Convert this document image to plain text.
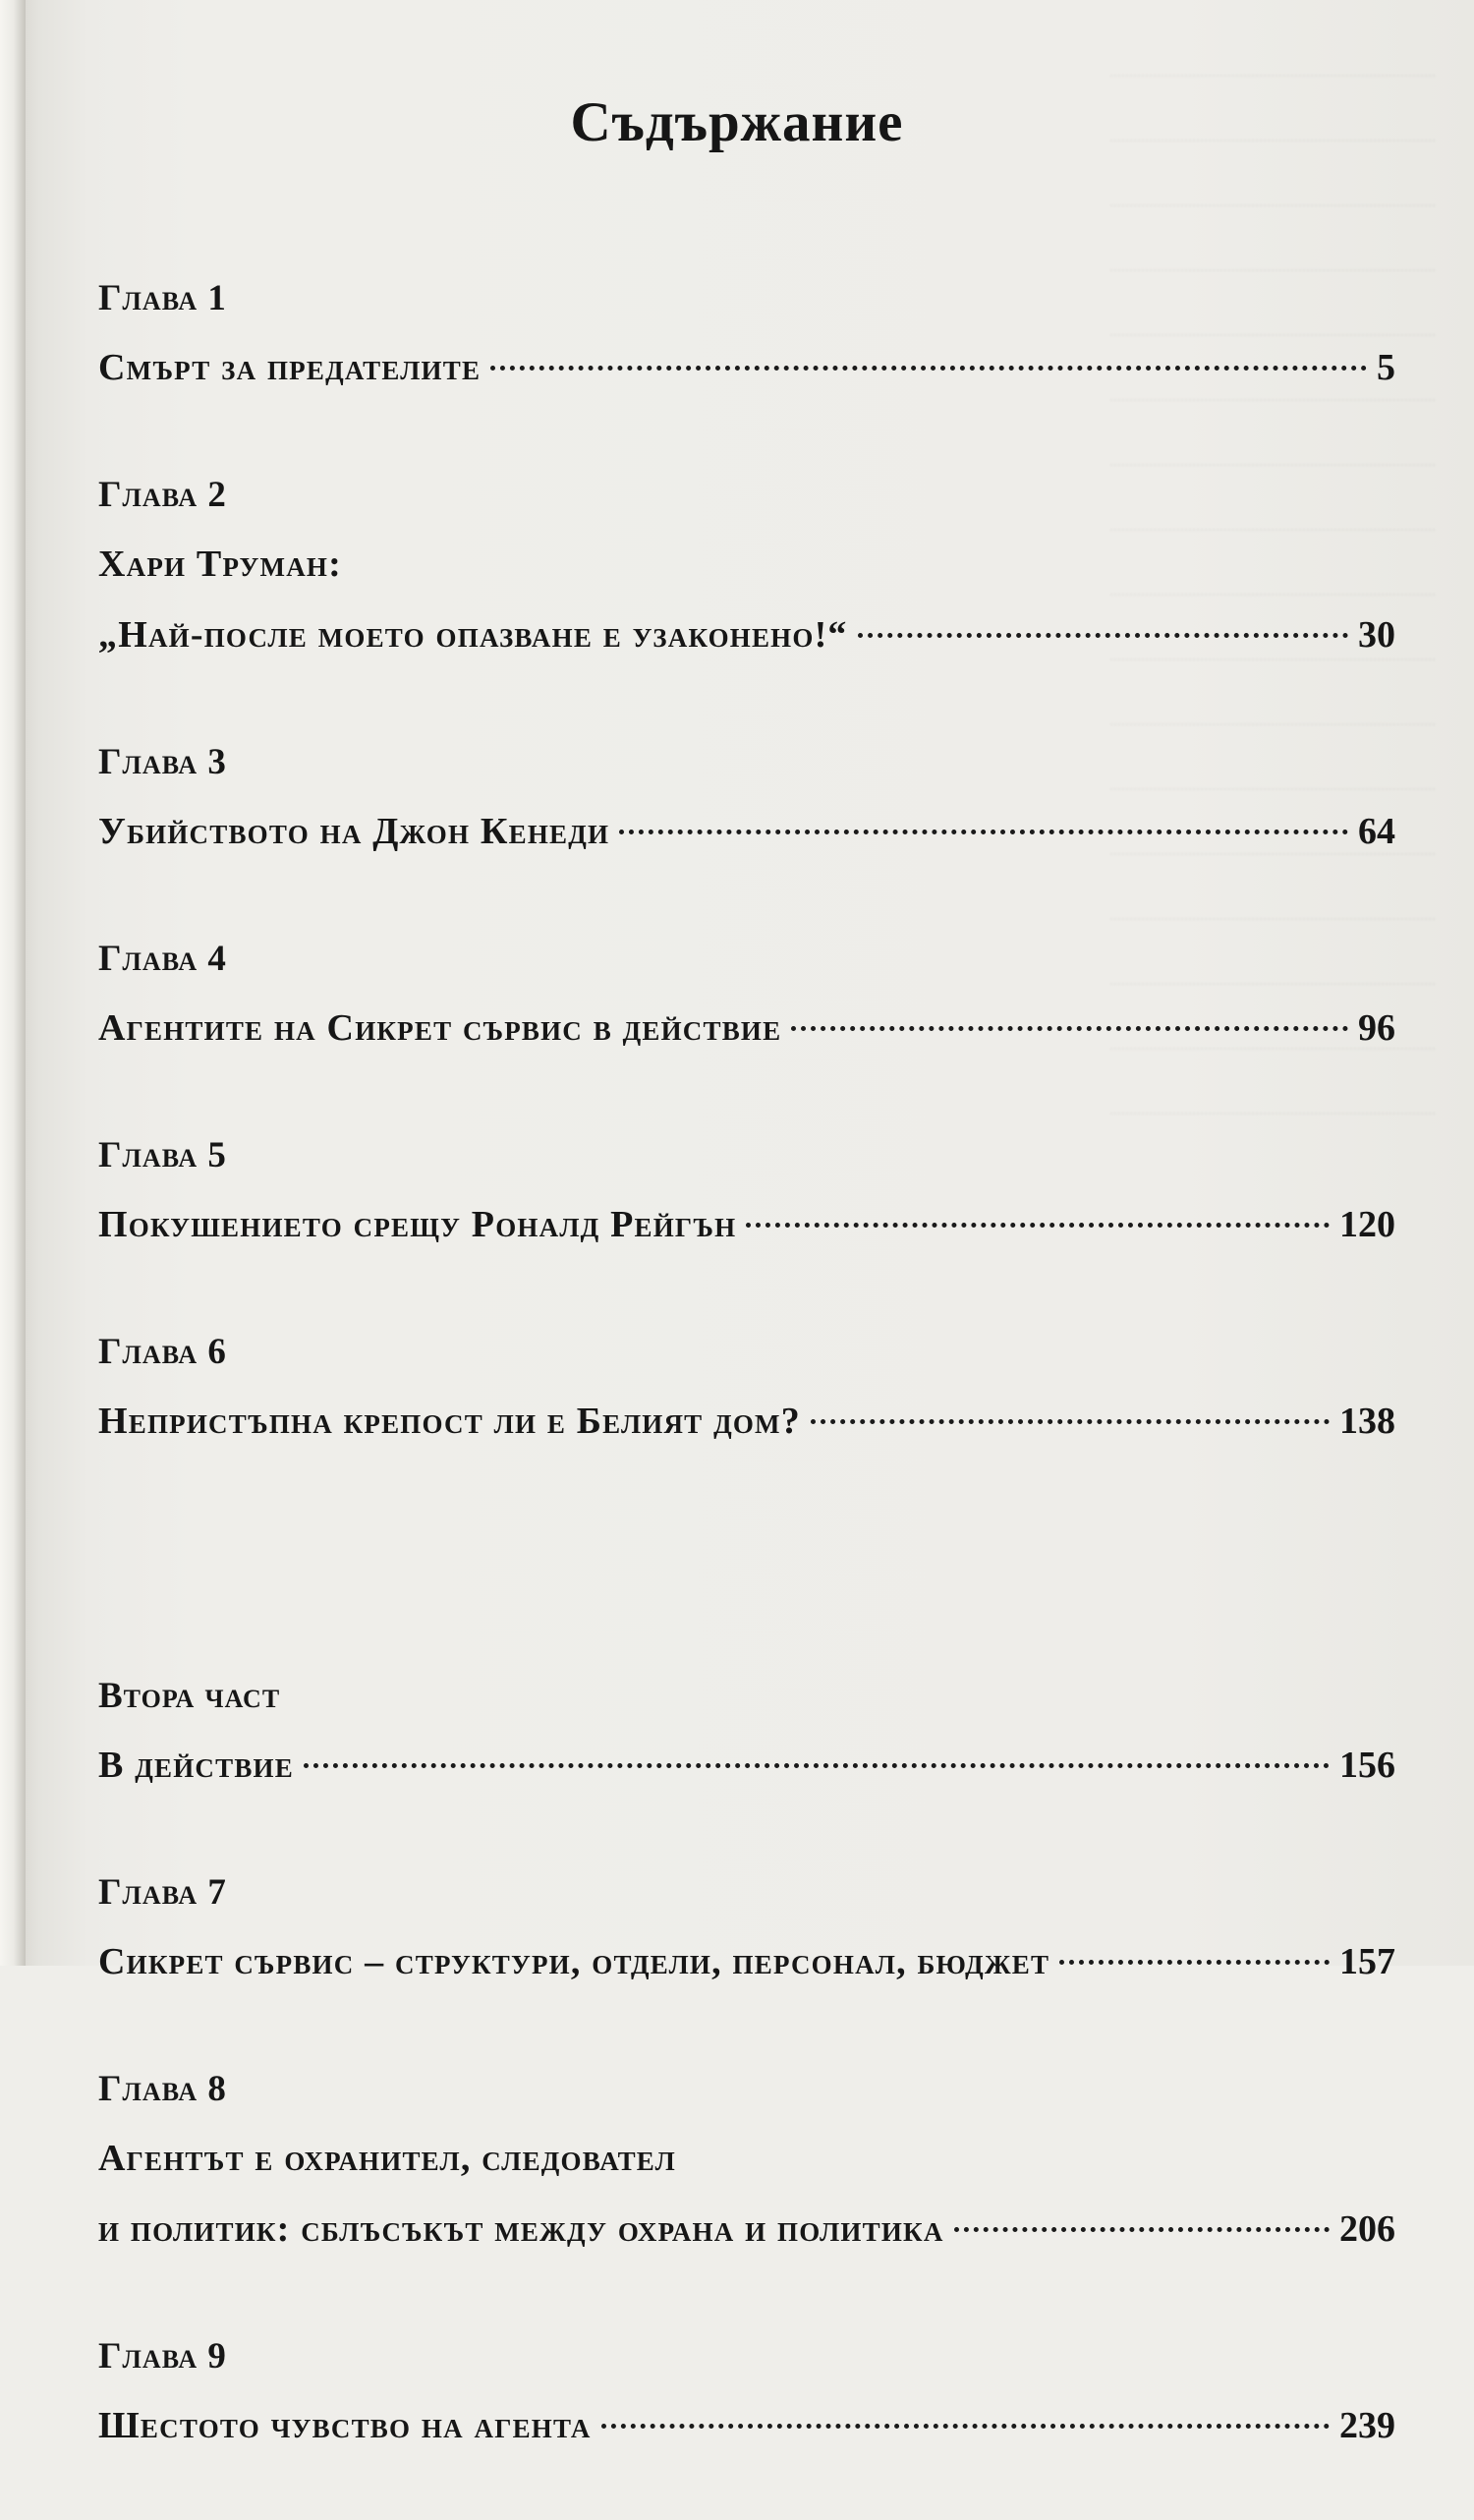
Съдържание
Глава 1
Смърт за предателите	5
Глава 2
Хари Труман:
„Най-после моето опазване е узаконено!“	30
Глава 3
Убийството на Джон Кенеди	64
Глава 4
Агентите на Сикрет сървис в действие	96
Глава 5
Покушението срещу Роналд Рейгън	120
Глава 6
Непристъпна крепост ли е Белият дом?	138
Втора част
В действие	156
Глава 7
Сикрет сървис – структури, отдели, персонал, бюджет	157
Глава 8
Агентът е охранител, следовател
и политик: сблъсъкът между охрана и политика	206
Глава 9
Шестото чувство на агента	239
